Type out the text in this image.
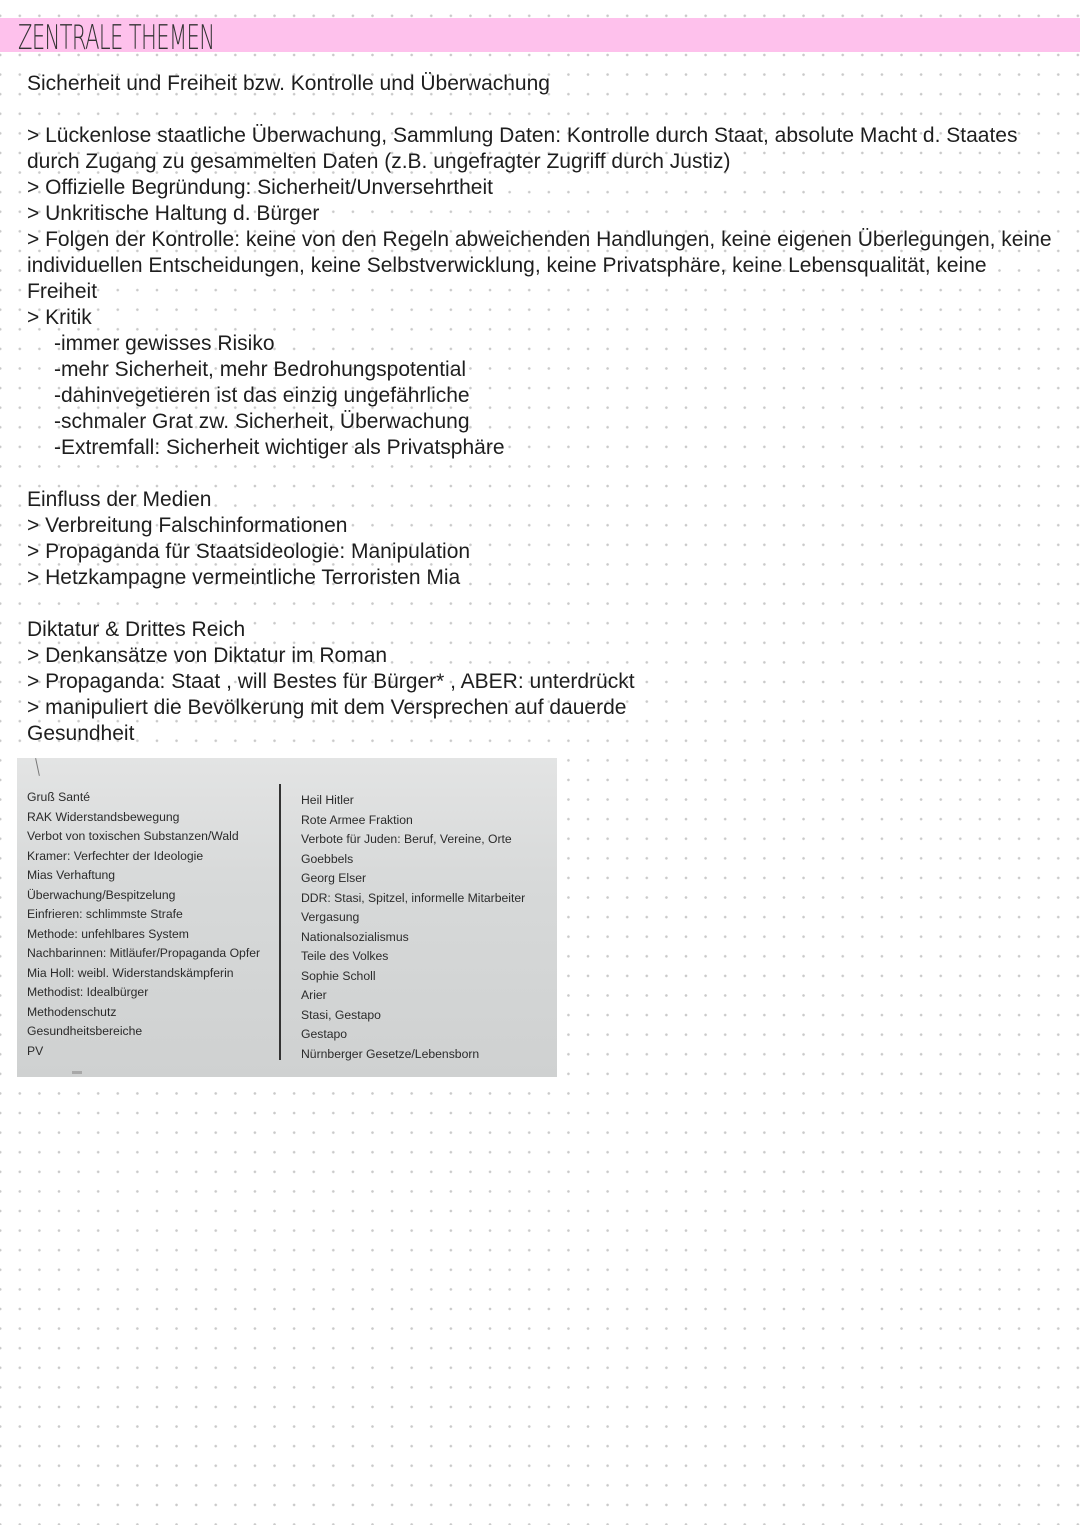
ZENTRALE THEMEN
Sicherheit und Freiheit bzw. Kontrolle und Überwachung
> Lückenlose staatliche Überwachung, Sammlung Daten: Kontrolle durch Staat, absolute Macht d. Staates durch Zugang zu gesammelten Daten (z.B. ungefragter Zugriff durch Justiz)
> Offizielle Begründung: Sicherheit/Unversehrtheit
> Unkritische Haltung d. Bürger
> Folgen der Kontrolle: keine von den Regeln abweichenden Handlungen, keine eigenen Überlegungen, keine individuellen Entscheidungen, keine Selbstverwicklung, keine Privatsphäre, keine Lebensqualität, keine Freiheit
> Kritik
-immer gewisses Risiko
-mehr Sicherheit, mehr Bedrohungspotential
-dahinvegetieren ist das einzig ungefährliche
-schmaler Grat zw. Sicherheit, Überwachung
-Extremfall: Sicherheit wichtiger als Privatsphäre
Einfluss der Medien
> Verbreitung Falschinformationen
> Propaganda für Staatsideologie: Manipulation
> Hetzkampagne vermeintliche Terroristen Mia
Diktatur & Drittes Reich
> Denkansätze von Diktatur im Roman
> Propaganda: Staat , will Bestes für Bürger* , ABER: unterdrückt
> manipuliert die Bevölkerung mit dem Versprechen auf dauerde Gesundheit
Gruß Santé
RAK Widerstandsbewegung
Verbot von toxischen Substanzen/Wald
Kramer: Verfechter der Ideologie
Mias Verhaftung
Überwachung/Bespitzelung
Einfrieren: schlimmste Strafe
Methode: unfehlbares System
Nachbarinnen: Mitläufer/Propaganda Opfer
Mia Holl: weibl. Widerstandskämpferin
Methodist: Idealbürger
Methodenschutz
Gesundheitsbereiche
PV
Heil Hitler
Rote Armee Fraktion
Verbote für Juden: Beruf, Vereine, Orte
Goebbels
Georg Elser
DDR: Stasi, Spitzel, informelle Mitarbeiter
Vergasung
Nationalsozialismus
Teile des Volkes
Sophie Scholl
Arier
Stasi, Gestapo
Gestapo
Nürnberger Gesetze/Lebensborn
